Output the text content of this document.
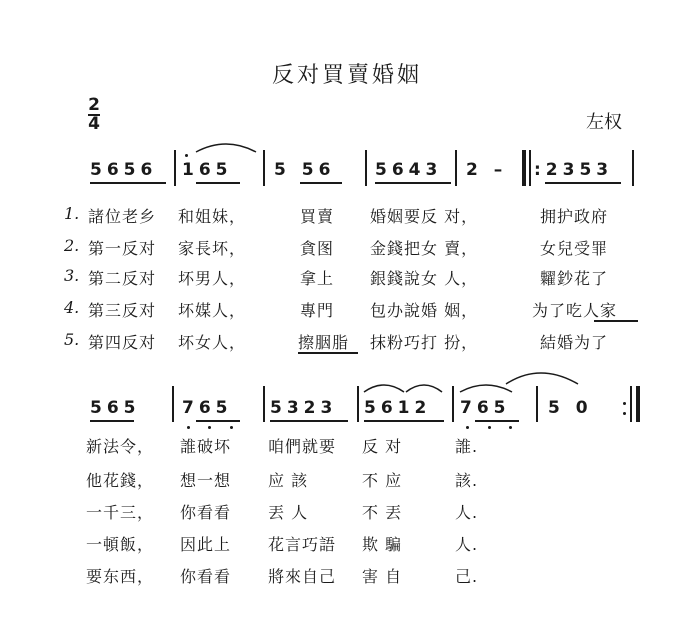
反对買賣婚姻
2
4	左权
5656 165 5 56 5643 2 – :2353
1. 諸位老乡 和姐妹，	買賣 婚姻要反 对，	拥护政府
2. 第一反对 家長坏，	貪图 金錢把女 賣，	女兒受罪
3. 第二反对 坏男人，	拿上 銀錢說女 人，	糶鈔花了
4. 第三反对 坏媒人，	專門 包办說婚 姻，	为了吃人家
5. 第四反对 坏女人，	擦胭脂 抹粉巧打 扮，	結婚为了
565 765 5323 5612 765 5 0
新法令， 誰破坏 咱們就要 反 对	誰.
他花錢， 想一想 应 該	不 应	該.
一千三， 你看看 丟 人	不 丟	人.
一頓飯， 因此上 花言巧語 欺 騙	人.
要东西， 你看看 將來自己 害 自	己.
